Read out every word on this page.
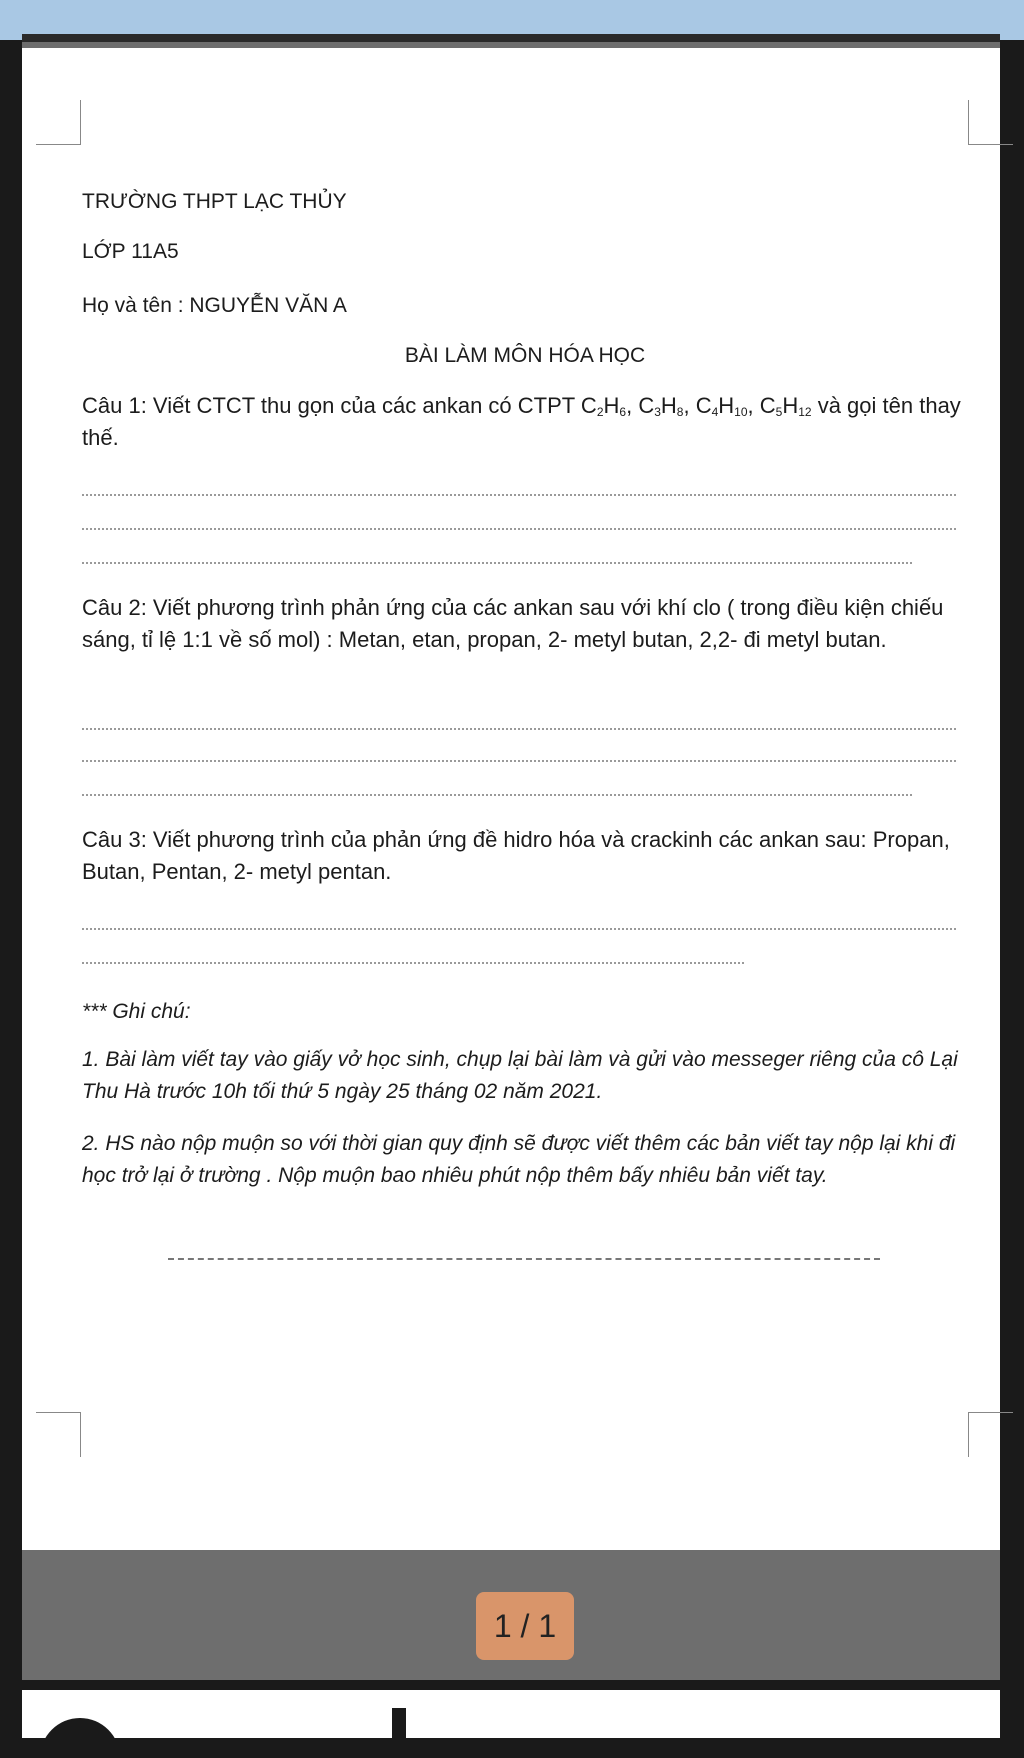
TRƯỜNG THPT LẠC THỦY
LỚP 11A5
Họ và tên : NGUYỄN VĂN A
BÀI LÀM MÔN HÓA HỌC
Câu 1: Viết CTCT thu gọn của các ankan có CTPT $C_2H_6$, $C_3H_8$, $C_4H_{10}$, $C_5H_{12}$ và gọi tên thay thế.
Câu 2: Viết phương trình phản ứng của các ankan sau với khí clo ( trong điều kiện chiếu sáng, tỉ lệ 1:1 về số mol) : Metan, etan, propan, 2- metyl butan, 2,2- đi metyl butan.
Câu 3: Viết phương trình của phản ứng đề hidro hóa và crackinh các ankan sau: Propan, Butan, Pentan, 2- metyl pentan.
*** Ghi chú:
1. Bài làm viết tay vào giấy vở học sinh, chụp lại bài làm và gửi vào messeger riêng của cô Lại Thu Hà trước 10h tối thứ 5 ngày 25 tháng 02 năm 2021.
2. HS nào nộp muộn so với thời gian quy định sẽ được viết thêm các bản viết tay nộp lại khi đi học trở lại ở trường . Nộp muộn bao nhiêu phút nộp thêm bấy nhiêu bản viết tay.
1 / 1
